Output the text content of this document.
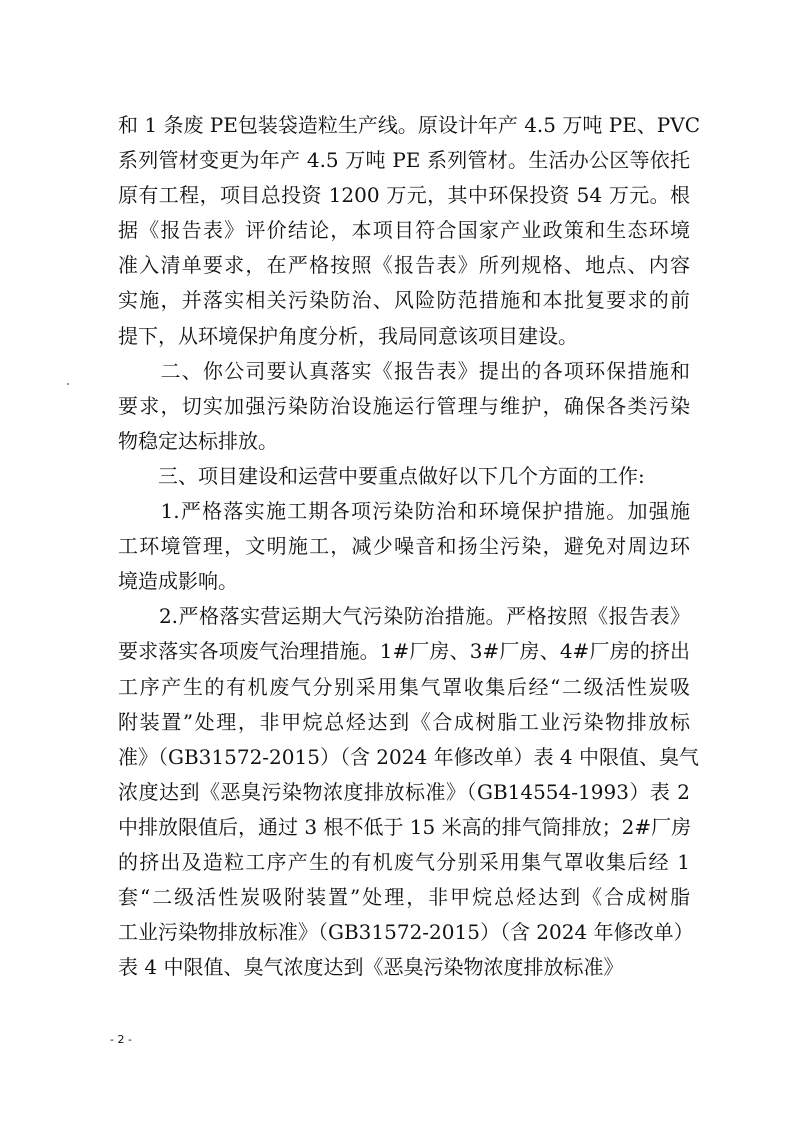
和 1 条废 PE包装袋造粒生产线。原设计年产 4.5 万吨 PE、PVC
系列管材变更为年产 4.5 万吨 PE 系列管材。生活办公区等依托
原有工程，项目总投资 1200 万元，其中环保投资 54 万元。根
据《报告表》评价结论，本项目符合国家产业政策和生态环境
准入清单要求，在严格按照《报告表》所列规格、地点、内容
实施，并落实相关污染防治、风险防范措施和本批复要求的前
提下，从环境保护角度分析，我局同意该项目建设。
　　二、你公司要认真落实《报告表》提出的各项环保措施和
要求，切实加强污染防治设施运行管理与维护，确保各类污染
物稳定达标排放。
　　三、项目建设和运营中要重点做好以下几个方面的工作:
　　1.严格落实施工期各项污染防治和环境保护措施。加强施
工环境管理，文明施工，减少噪音和扬尘污染，避免对周边环
境造成影响。
　　2.严格落实营运期大气污染防治措施。严格按照《报告表》
要求落实各项废气治理措施。1#厂房、3#厂房、4#厂房的挤出
工序产生的有机废气分别采用集气罩收集后经“二级活性炭吸
附装置”处理，非甲烷总烃达到《合成树脂工业污染物排放标
准》（GB31572-2015）（含 2024 年修改单）表 4 中限值、臭气
浓度达到《恶臭污染物浓度排放标准》（GB14554-1993）表 2
中排放限值后，通过 3 根不低于 15 米高的排气筒排放；2#厂房
的挤出及造粒工序产生的有机废气分别采用集气罩收集后经 1
套“二级活性炭吸附装置”处理，非甲烷总烃达到《合成树脂
工业污染物排放标准》（GB31572-2015）（含 2024 年修改单）
表 4 中限值、臭气浓度达到《恶臭污染物浓度排放标准》
- 2 -
